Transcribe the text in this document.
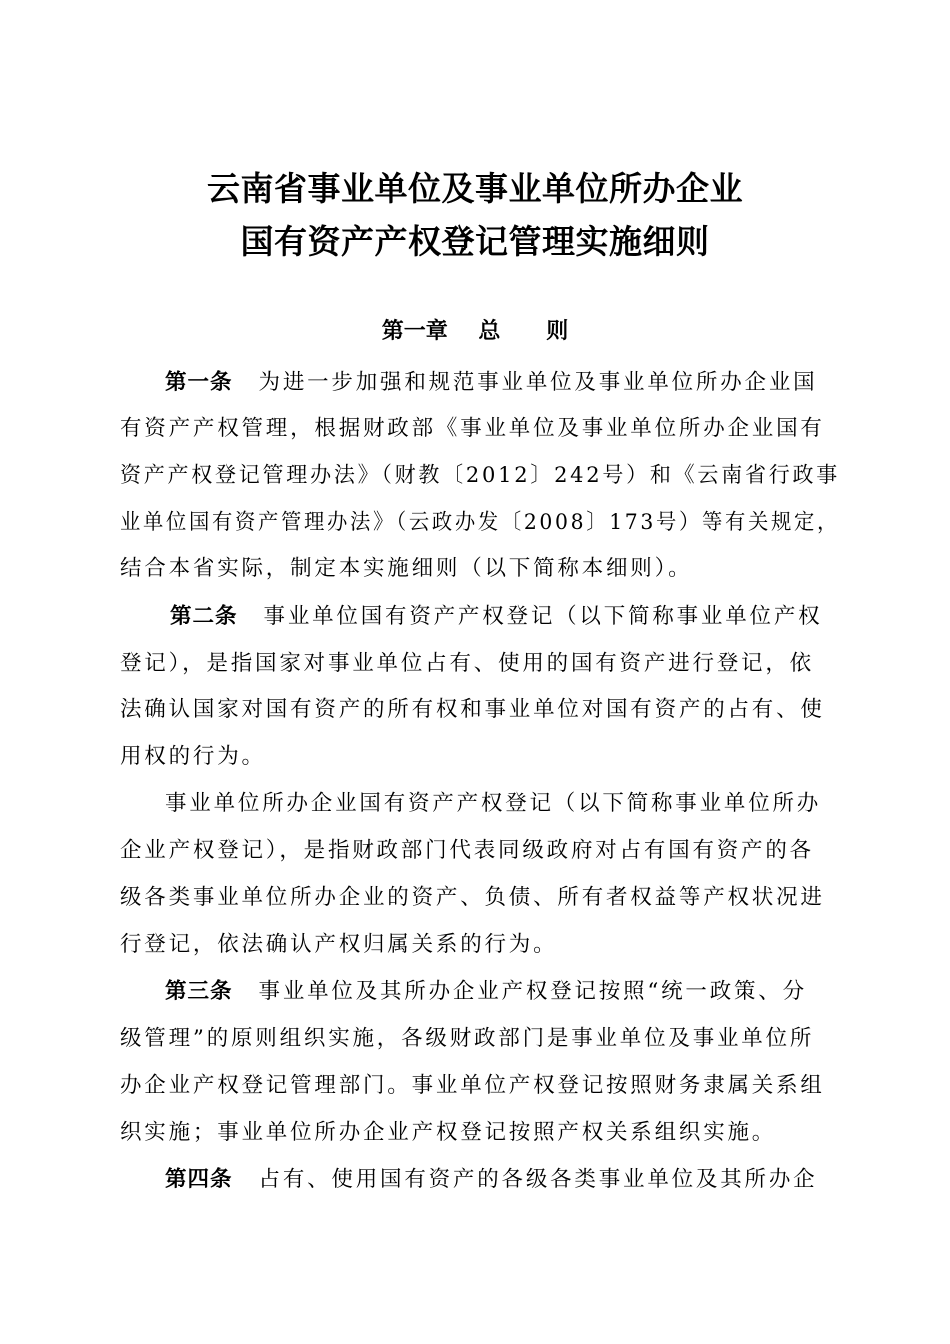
云南省事业单位及事业单位所办企业
国有资产产权登记管理实施细则
第一章    总      则
第一条 为进一步加强和规范事业单位及事业单位所办企业国
有资产产权管理，根据财政部《事业单位及事业单位所办企业国有
资产产权登记管理办法》（财教〔2012〕242号）和《云南省行政事
业单位国有资产管理办法》（云政办发〔2008〕173号）等有关规定，
结合本省实际，制定本实施细则（以下简称本细则）。
第二条 事业单位国有资产产权登记（以下简称事业单位产权
登记），是指国家对事业单位占有、使用的国有资产进行登记，依
法确认国家对国有资产的所有权和事业单位对国有资产的占有、使
用权的行为。
事业单位所办企业国有资产产权登记（以下简称事业单位所办
企业产权登记），是指财政部门代表同级政府对占有国有资产的各
级各类事业单位所办企业的资产、负债、所有者权益等产权状况进
行登记，依法确认产权归属关系的行为。
第三条 事业单位及其所办企业产权登记按照“统一政策、分
级管理”的原则组织实施，各级财政部门是事业单位及事业单位所
办企业产权登记管理部门。事业单位产权登记按照财务隶属关系组
织实施；事业单位所办企业产权登记按照产权关系组织实施。
第四条 占有、使用国有资产的各级各类事业单位及其所办企
